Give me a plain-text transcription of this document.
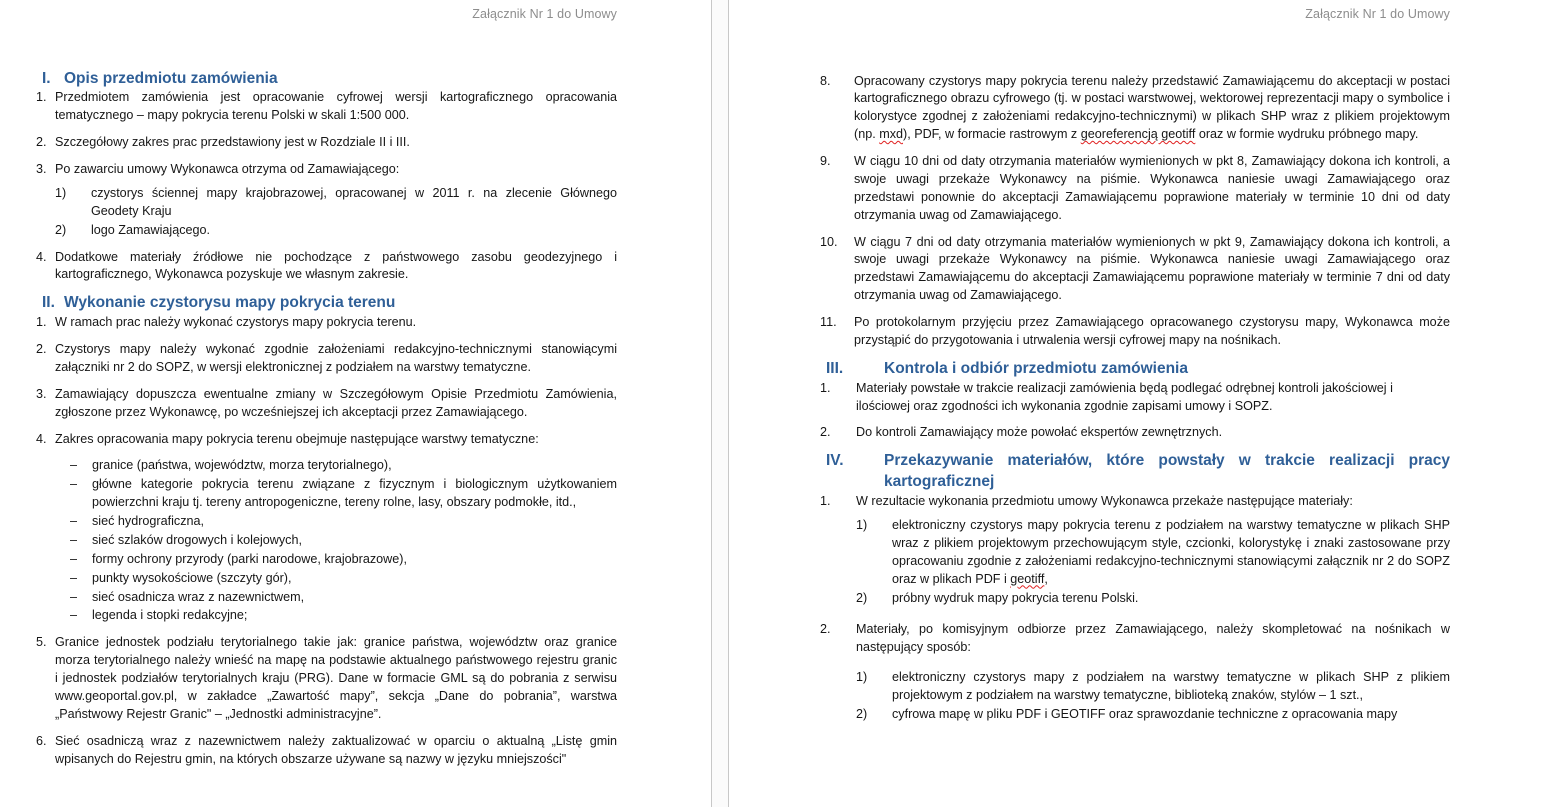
Załącznik Nr 1 do Umowy
I. Opis przedmiotu zamówienia
1. Przedmiotem zamówienia jest opracowanie cyfrowej wersji kartograficznego opracowania tematycznego – mapy pokrycia terenu Polski w skali 1:500 000.
2. Szczegółowy zakres prac przedstawiony jest w Rozdziale II i III.
3. Po zawarciu umowy Wykonawca otrzyma od Zamawiającego:
1) czystorys ściennej mapy krajobrazowej, opracowanej w 2011 r. na zlecenie Głównego Geodety Kraju
2) logo Zamawiającego.
4. Dodatkowe materiały źródłowe nie pochodzące z państwowego zasobu geodezyjnego i kartograficznego, Wykonawca pozyskuje we własnym zakresie.
II. Wykonanie czystorysu mapy pokrycia terenu
1. W ramach prac należy wykonać czystorys mapy pokrycia terenu.
2. Czystorys mapy należy wykonać zgodnie założeniami redakcyjno-technicznymi stanowiącymi załączniki nr 2 do SOPZ, w wersji elektronicznej z podziałem na warstwy tematyczne.
3. Zamawiający dopuszcza ewentualne zmiany w Szczegółowym Opisie Przedmiotu Zamówienia, zgłoszone przez Wykonawcę, po wcześniejszej ich akceptacji przez Zamawiającego.
4. Zakres opracowania mapy pokrycia terenu obejmuje następujące warstwy tematyczne:
– granice (państwa, województw, morza terytorialnego),
– główne kategorie pokrycia terenu związane z fizycznym i biologicznym użytkowaniem powierzchni kraju tj. tereny antropogeniczne, tereny rolne, lasy, obszary podmokłe, itd.,
– sieć hydrograficzna,
– sieć szlaków drogowych i kolejowych,
– formy ochrony przyrody (parki narodowe, krajobrazowe),
– punkty wysokościowe (szczyty gór),
– sieć osadnicza wraz z nazewnictwem,
– legenda i stopki redakcyjne;
5. Granice jednostek podziału terytorialnego takie jak: granice państwa, województw oraz granice morza terytorialnego należy wnieść na mapę na podstawie aktualnego państwowego rejestru granic i jednostek podziałów terytorialnych kraju (PRG). Dane w formacie GML są do pobrania z serwisu www.geoportal.gov.pl, w zakładce „Zawartość mapy”, sekcja „Dane do pobrania”, warstwa „Państwowy Rejestr Granic" – „Jednostki administracyjne”.
6. Sieć osadniczą wraz z nazewnictwem należy zaktualizować w oparciu o aktualną „Listę gmin wpisanych do Rejestru gmin, na których obszarze używane są nazwy w języku mniejszości"
Załącznik Nr 1 do Umowy
8.	Opracowany czystorys mapy pokrycia terenu należy przedstawić Zamawiającemu do akceptacji w postaci kartograficznego obrazu cyfrowego (tj. w postaci warstwowej, wektorowej reprezentacji mapy o symbolice i kolorystyce zgodnej z założeniami redakcyjno-technicznymi) w plikach SHP wraz z plikiem projektowym (np. mxd), PDF, w formacie rastrowym z georeferencją geotiff oraz w formie wydruku próbnego mapy.
9.	W ciągu 10 dni od daty otrzymania materiałów wymienionych w pkt 8, Zamawiający dokona ich kontroli, a swoje uwagi przekaże Wykonawcy na piśmie. Wykonawca naniesie uwagi Zamawiającego oraz przedstawi ponownie do akceptacji Zamawiającemu poprawione materiały w terminie 10 dni od daty otrzymania uwag od Zamawiającego.
10.	W ciągu 7 dni od daty otrzymania materiałów wymienionych w pkt 9, Zamawiający dokona ich kontroli, a swoje uwagi przekaże Wykonawcy na piśmie. Wykonawca naniesie uwagi Zamawiającego oraz przedstawi Zamawiającemu do akceptacji Zamawiającemu poprawione materiały w terminie 7 dni od daty otrzymania uwag od Zamawiającego.
11.	Po protokolarnym przyjęciu przez Zamawiającego opracowanego czystorysu mapy, Wykonawca może przystąpić do przygotowania i utrwalenia wersji cyfrowej mapy na nośnikach.
III.	Kontrola i odbiór przedmiotu zamówienia
1.	Materiały powstałe w trakcie realizacji zamówienia będą podlegać odrębnej kontroli jakościowej i ilościowej oraz zgodności ich wykonania zgodnie zapisami umowy i SOPZ.
2.	Do kontroli Zamawiający może powołać ekspertów zewnętrznych.
IV.	Przekazywanie materiałów, które powstały w trakcie realizacji pracy
kartograficznej
1.	W rezultacie wykonania przedmiotu umowy Wykonawca przekaże następujące materiały:
1) elektroniczny czystorys mapy pokrycia terenu z podziałem na warstwy tematyczne w plikach SHP wraz z plikiem projektowym przechowującym style, czcionki, kolorystykę i znaki zastosowane przy opracowaniu zgodnie z założeniami redakcyjno-technicznymi stanowiącymi załącznik nr 2 do SOPZ oraz w plikach PDF i geotiff,
2) próbny wydruk mapy pokrycia terenu Polski.
2.	Materiały, po komisyjnym odbiorze przez Zamawiającego, należy skompletować na nośnikach w następujący sposób:
1) elektroniczny czystorys mapy z podziałem na warstwy tematyczne w plikach SHP z plikiem projektowym z podziałem na warstwy tematyczne, biblioteką znaków, stylów – 1 szt.,
2) cyfrowa mapę w pliku PDF i GEOTIFF oraz sprawozdanie techniczne z opracowania mapy
